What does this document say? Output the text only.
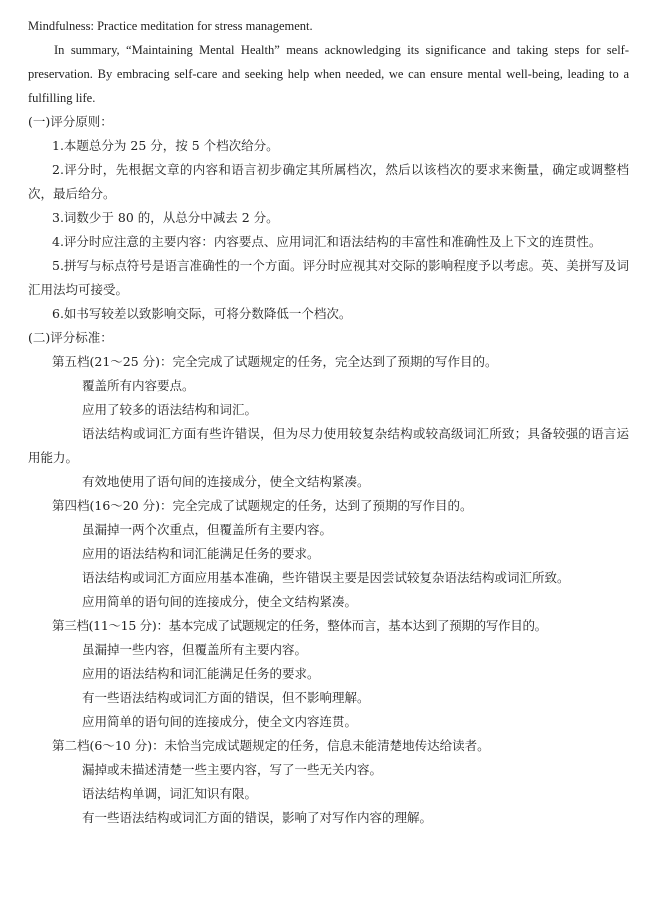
Mindfulness: Practice meditation for stress management.

In summary, “Maintaining Mental Health” means acknowledging its significance and taking steps for self-preservation. By embracing self-care and seeking help when needed, we can ensure mental well-being, leading to a fulfilling life.

(一)评分原则：

1.本题总分为 25 分，按 5 个档次给分。

2.评分时，先根据文章的内容和语言初步确定其所属档次，然后以该档次的要求来衡量，确定或调整档次，最后给分。

3.词数少于 80 的，从总分中减去 2 分。

4.评分时应注意的主要内容：内容要点、应用词汇和语法结构的丰富性和准确性及上下文的连贯性。

5.拼写与标点符号是语言准确性的一个方面。评分时应视其对交际的影响程度予以考虑。英、美拼写及词汇用法均可接受。

6.如书写较差以致影响交际，可将分数降低一个档次。

(二)评分标准：

第五档(21～25 分)：完全完成了试题规定的任务，完全达到了预期的写作目的。

覆盖所有内容要点。

应用了较多的语法结构和词汇。

语法结构或词汇方面有些许错误，但为尽力使用较复杂结构或较高级词汇所致；具备较强的语言运用能力。

有效地使用了语句间的连接成分，使全文结构紧凑。

第四档(16～20 分)：完全完成了试题规定的任务，达到了预期的写作目的。

虽漏掉一两个次重点，但覆盖所有主要内容。

应用的语法结构和词汇能满足任务的要求。

语法结构或词汇方面应用基本准确，些许错误主要是因尝试较复杂语法结构或词汇所致。

应用简单的语句间的连接成分，使全文结构紧凑。

第三档(11～15 分)：基本完成了试题规定的任务，整体而言，基本达到了预期的写作目的。

虽漏掉一些内容，但覆盖所有主要内容。

应用的语法结构和词汇能满足任务的要求。

有一些语法结构或词汇方面的错误，但不影响理解。

应用简单的语句间的连接成分，使全文内容连贯。

第二档(6～10 分)：未恰当完成试题规定的任务，信息未能清楚地传达给读者。

漏掉或未描述清楚一些主要内容，写了一些无关内容。

语法结构单调，词汇知识有限。

有一些语法结构或词汇方面的错误，影响了对写作内容的理解。
